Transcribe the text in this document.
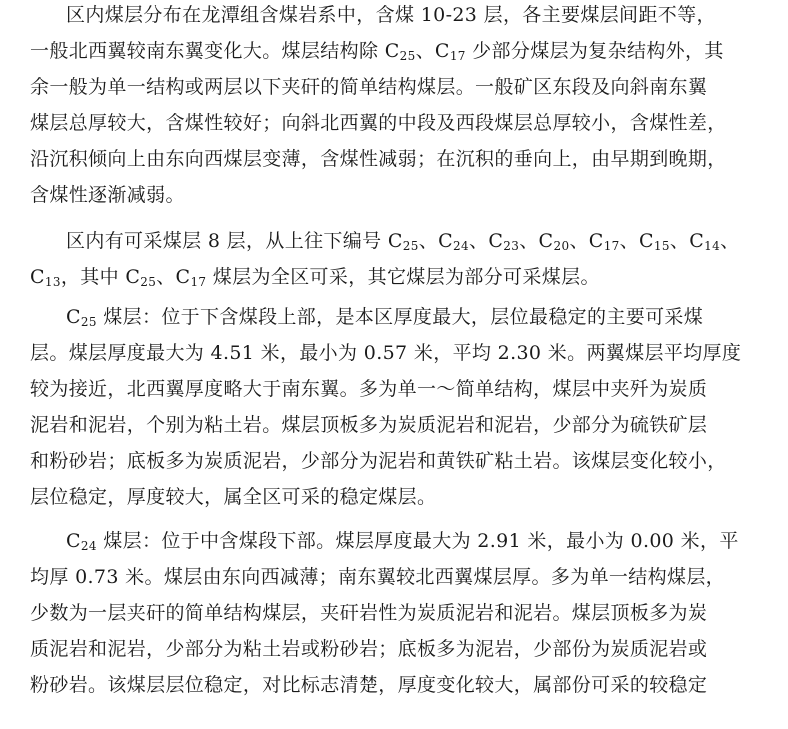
区内煤层分布在龙潭组含煤岩系中，含煤 10-23 层，各主要煤层间距不等，
一般北西翼较南东翼变化大。煤层结构除 $C_{25}$、$C_{17}$ 少部分煤层为复杂结构外，其
余一般为单一结构或两层以下夹矸的简单结构煤层。一般矿区东段及向斜南东翼
煤层总厚较大，含煤性较好；向斜北西翼的中段及西段煤层总厚较小，含煤性差，
沿沉积倾向上由东向西煤层变薄，含煤性减弱；在沉积的垂向上，由早期到晚期，
含煤性逐渐减弱。
区内有可采煤层 8 层，从上往下编号 $C_{25}$、$C_{24}$、$C_{23}$、$C_{20}$、$C_{17}$、$C_{15}$、$C_{14}$、
$C_{13}$，其中 $C_{25}$、$C_{17}$ 煤层为全区可采，其它煤层为部分可采煤层。
$C_{25}$ 煤层：位于下含煤段上部，是本区厚度最大，层位最稳定的主要可采煤
层。煤层厚度最大为 4.51 米，最小为 0.57 米，平均 2.30 米。两翼煤层平均厚度
较为接近，北西翼厚度略大于南东翼。多为单一～简单结构，煤层中夹歼为炭质
泥岩和泥岩，个别为粘土岩。煤层顶板多为炭质泥岩和泥岩，少部分为硫铁矿层
和粉砂岩；底板多为炭质泥岩，少部分为泥岩和黄铁矿粘土岩。该煤层变化较小，
层位稳定，厚度较大，属全区可采的稳定煤层。
$C_{24}$ 煤层：位于中含煤段下部。煤层厚度最大为 2.91 米，最小为 0.00 米，平
均厚 0.73 米。煤层由东向西减薄；南东翼较北西翼煤层厚。多为单一结构煤层，
少数为一层夹矸的简单结构煤层，夹矸岩性为炭质泥岩和泥岩。煤层顶板多为炭
质泥岩和泥岩，少部分为粘土岩或粉砂岩；底板多为泥岩，少部份为炭质泥岩或
粉砂岩。该煤层层位稳定，对比标志清楚，厚度变化较大，属部份可采的较稳定
